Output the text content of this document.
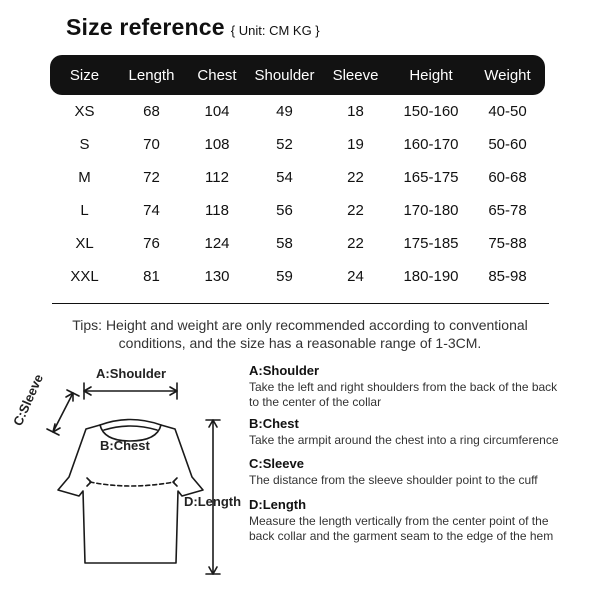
Size reference { Unit: CM KG }
Size	Length	Chest	Shoulder	Sleeve	Height	Weight
XS	68	104	49	18	150-160	40-50
S	70	108	52	19	160-170	50-60
M	72	112	54	22	165-175	60-68
L	74	118	56	22	170-180	65-78
XL	76	124	58	22	175-185	75-88
XXL	81	130	59	24	180-190	85-98
Tips: Height and weight are only recommended according to conventional
conditions, and the size has a reasonable range of 1-3CM.
A:Shoulder
B:Chest
C:Sleeve
D:Length
A:Shoulder
Take the left and right shoulders from the back of the back to the center of the collar
B:Chest
Take the armpit around the chest into a ring circumference
C:Sleeve
The distance from the sleeve shoulder point to the cuff
D:Length
Measure the length vertically from the center point of the back collar and the garment seam to the edge of the hem
